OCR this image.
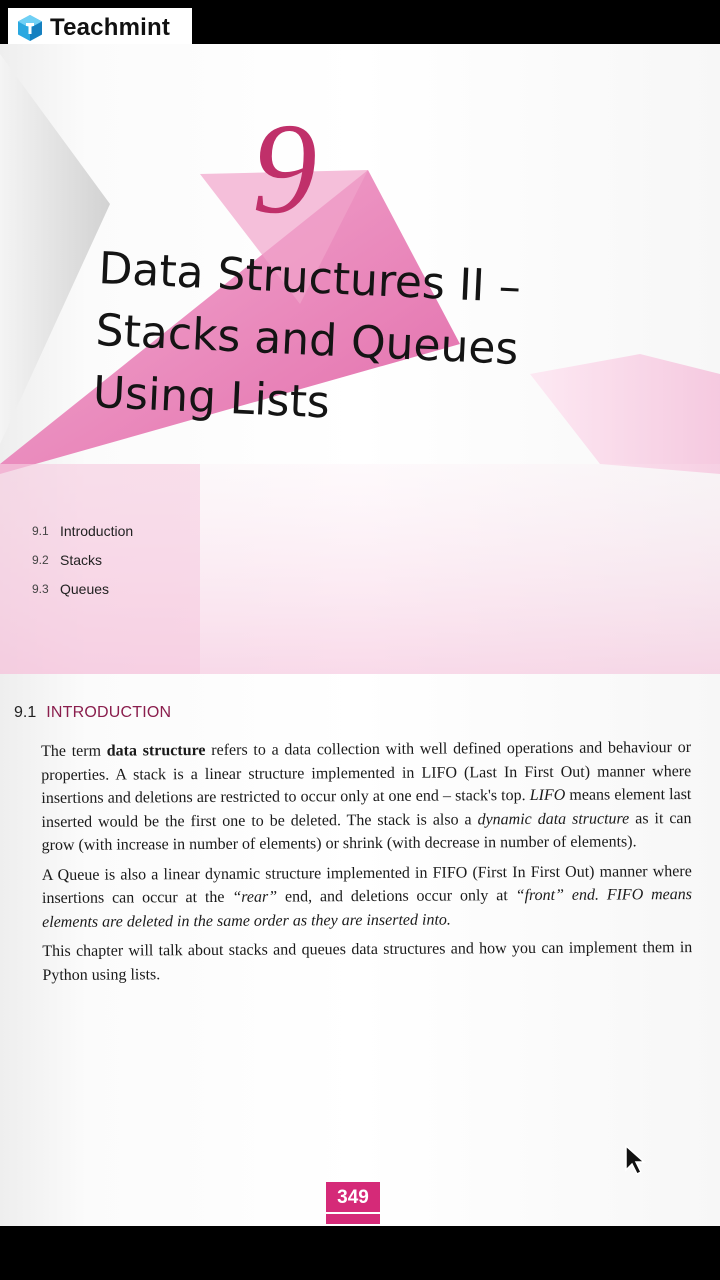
Teachmint
9
Data Structures II –
Stacks and Queues
Using Lists
9.1 Introduction
9.2 Stacks
9.3 Queues
9.1 INTRODUCTION

The term data structure refers to a data collection with well defined operations and behaviour or properties. A stack is a linear structure implemented in LIFO (Last In First Out) manner where insertions and deletions are restricted to occur only at one end – stack's top. LIFO means element last inserted would be the first one to be deleted. The stack is also a dynamic data structure as it can grow (with increase in number of elements) or shrink (with decrease in number of elements).

A Queue is also a linear dynamic structure implemented in FIFO (First In First Out) manner where insertions can occur at the “rear” end, and deletions occur only at “front” end. FIFO means elements are deleted in the same order as they are inserted into.

This chapter will talk about stacks and queues data structures and how you can implement them in Python using lists.

349
